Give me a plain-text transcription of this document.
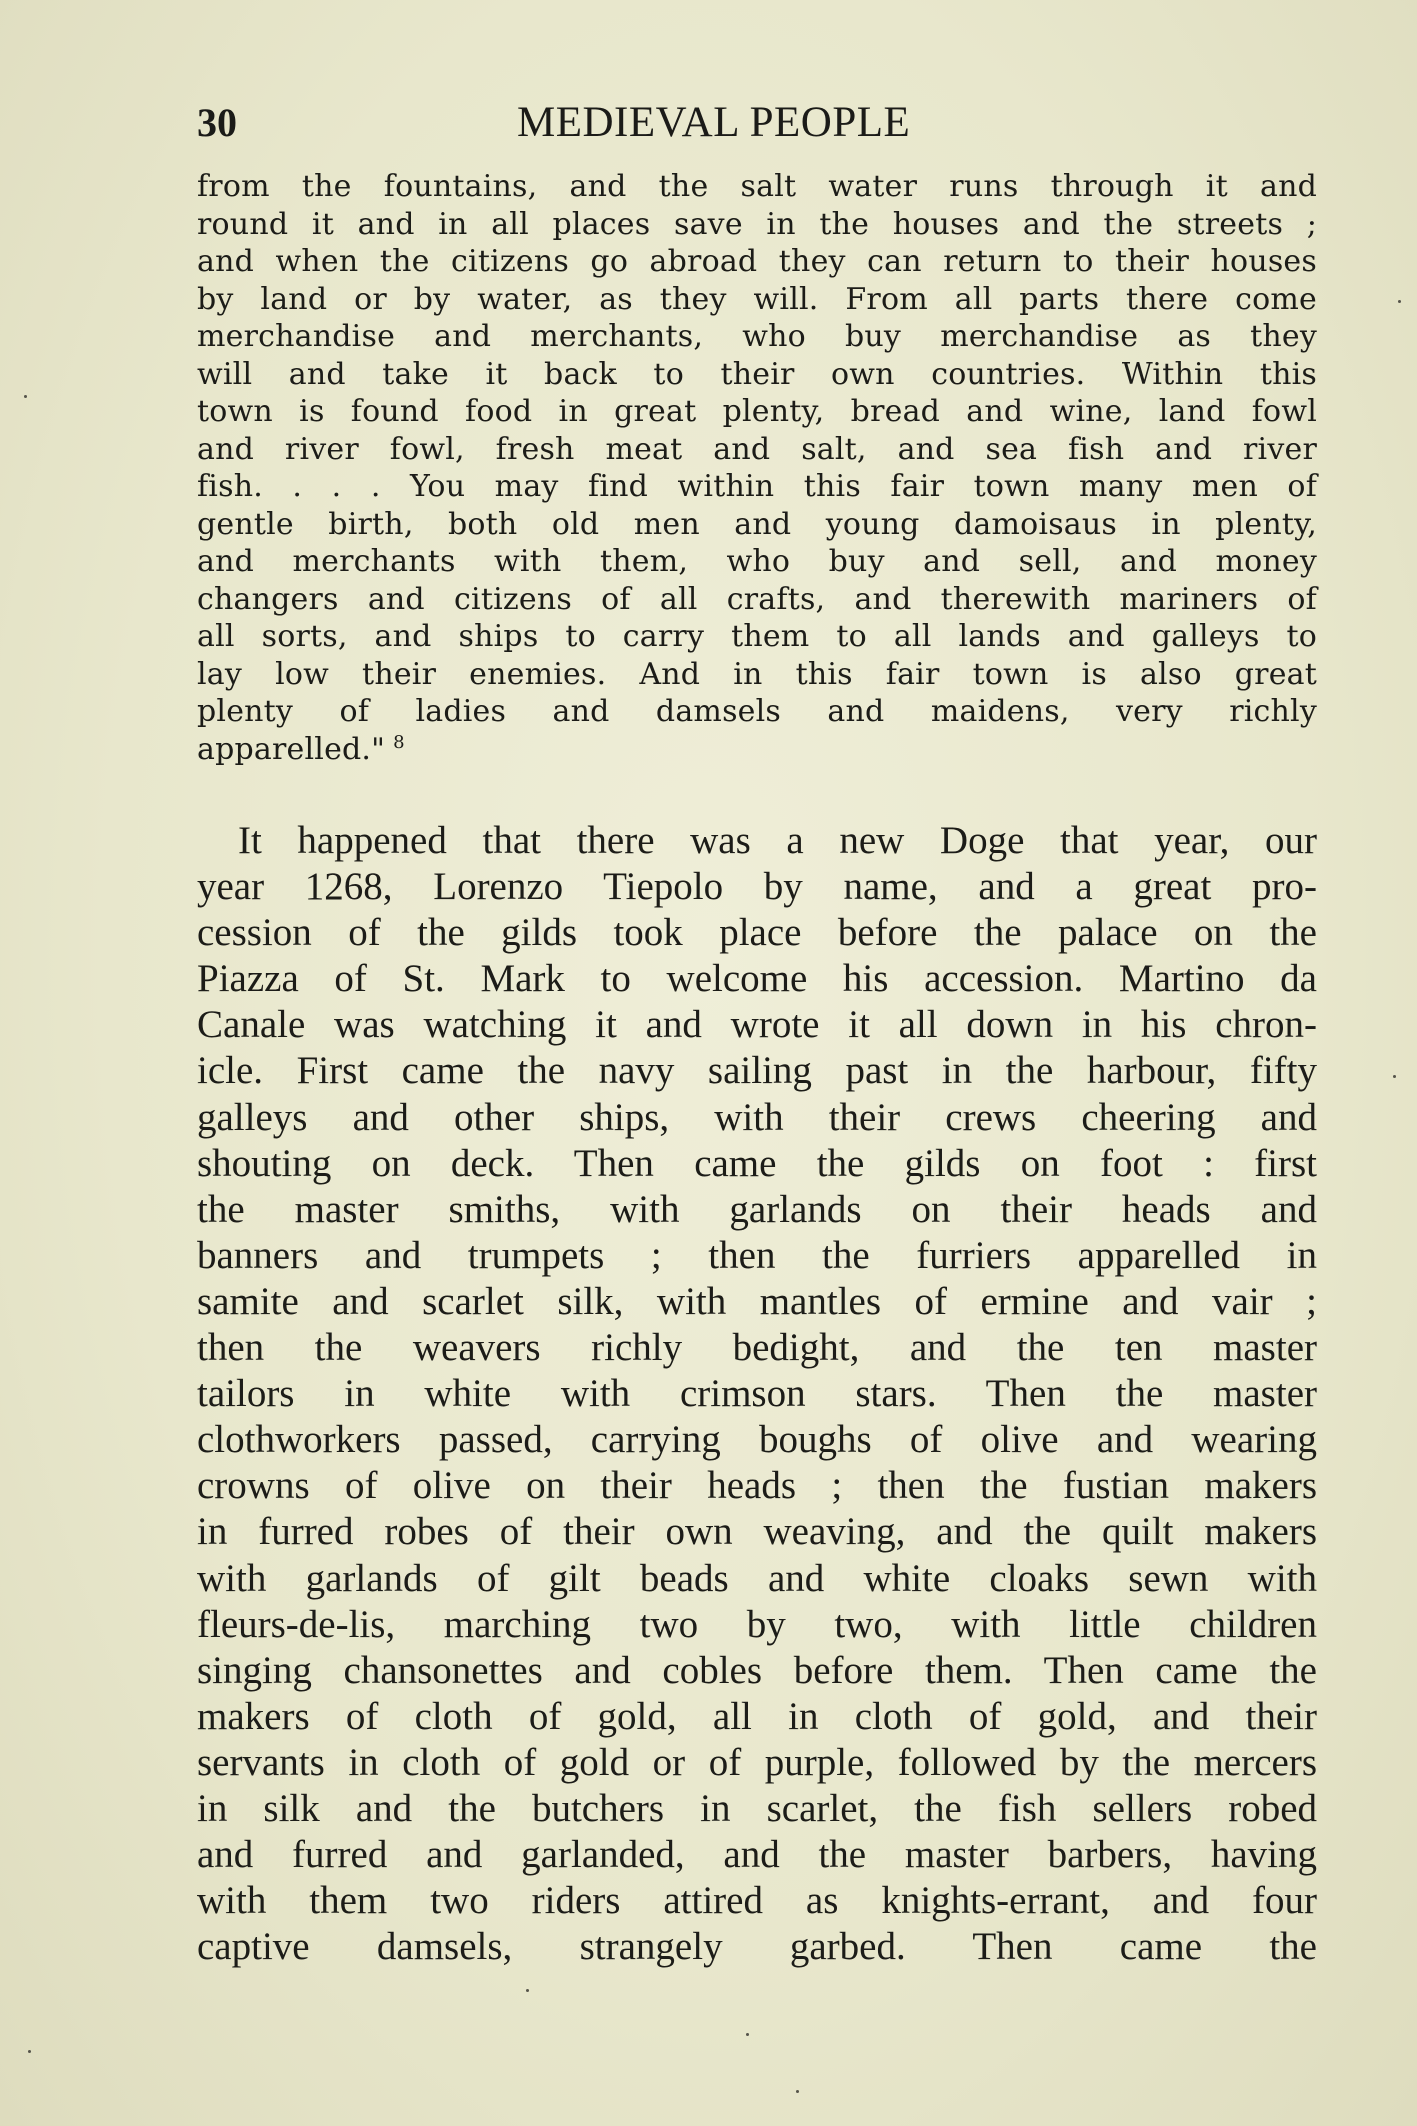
30	MEDIEVAL PEOPLE
from the fountains, and the salt water runs through it and
round it and in all places save in the houses and the streets ;
and when the citizens go abroad they can return to their houses
by land or by water, as they will. From all parts there come
merchandise and merchants, who buy merchandise as they
will and take it back to their own countries. Within this
town is found food in great plenty, bread and wine, land fowl
and river fowl, fresh meat and salt, and sea fish and river
fish. . . . You may find within this fair town many men of
gentle birth, both old men and young damoisaus in plenty,
and merchants with them, who buy and sell, and money
changers and citizens of all crafts, and therewith mariners of
all sorts, and ships to carry them to all lands and galleys to
lay low their enemies. And in this fair town is also great
plenty of ladies and damsels and maidens, very richly
apparelled." $^8$
It happened that there was a new Doge that year, our
year 1268, Lorenzo Tiepolo by name, and a great pro-
cession of the gilds took place before the palace on the
Piazza of St. Mark to welcome his accession. Martino da
Canale was watching it and wrote it all down in his chron-
icle. First came the navy sailing past in the harbour, fifty
galleys and other ships, with their crews cheering and
shouting on deck. Then came the gilds on foot : first
the master smiths, with garlands on their heads and
banners and trumpets ; then the furriers apparelled in
samite and scarlet silk, with mantles of ermine and vair ;
then the weavers richly bedight, and the ten master
tailors in white with crimson stars. Then the master
clothworkers passed, carrying boughs of olive and wearing
crowns of olive on their heads ; then the fustian makers
in furred robes of their own weaving, and the quilt makers
with garlands of gilt beads and white cloaks sewn with
fleurs-de-lis, marching two by two, with little children
singing chansonettes and cobles before them. Then came the
makers of cloth of gold, all in cloth of gold, and their
servants in cloth of gold or of purple, followed by the mercers
in silk and the butchers in scarlet, the fish sellers robed
and furred and garlanded, and the master barbers, having
with them two riders attired as knights-errant, and four
captive damsels, strangely garbed. Then came the
